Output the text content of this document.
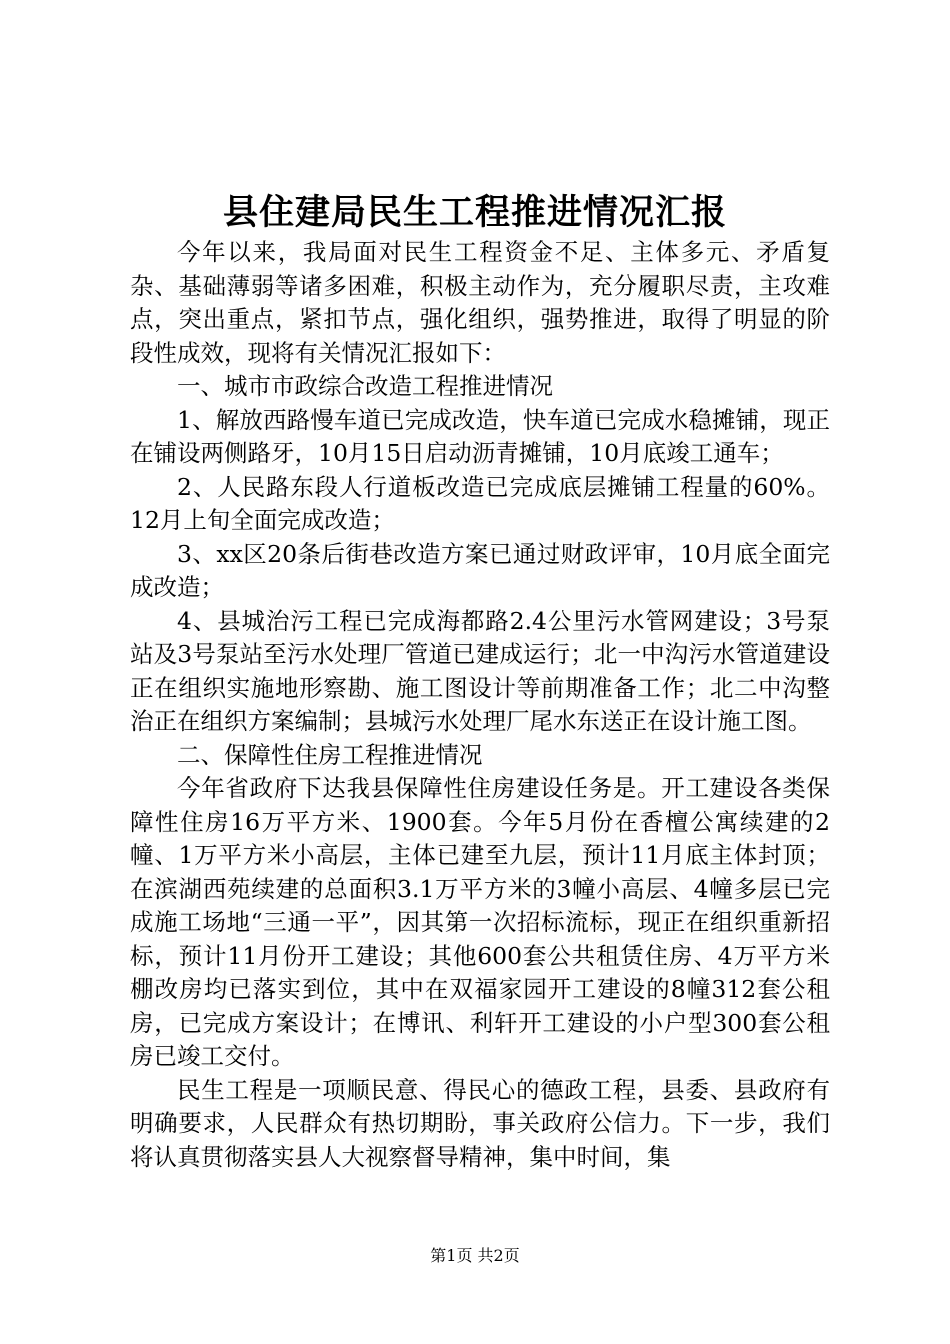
县住建局民生工程推进情况汇报

今年以来，我局面对民生工程资金不足、主体多元、矛盾复杂、基础薄弱等诸多困难，积极主动作为，充分履职尽责，主攻难点，突出重点，紧扣节点，强化组织，强势推进，取得了明显的阶段性成效，现将有关情况汇报如下：

一、城市市政综合改造工程推进情况

1、解放西路慢车道已完成改造，快车道已完成水稳摊铺，现正在铺设两侧路牙，10月15日启动沥青摊铺，10月底竣工通车；

2、人民路东段人行道板改造已完成底层摊铺工程量的60%。12月上旬全面完成改造；

3、xx区20条后街巷改造方案已通过财政评审，10月底全面完成改造；

4、县城治污工程已完成海都路2.4公里污水管网建设；3号泵站及3号泵站至污水处理厂管道已建成运行；北一中沟污水管道建设正在组织实施地形察勘、施工图设计等前期准备工作；北二中沟整治正在组织方案编制；县城污水处理厂尾水东送正在设计施工图。

二、保障性住房工程推进情况

今年省政府下达我县保障性住房建设任务是。开工建设各类保障性住房16万平方米、1900套。今年5月份在香檀公寓续建的2幢、1万平方米小高层，主体已建至九层，预计11月底主体封顶；在滨湖西苑续建的总面积3.1万平方米的3幢小高层、4幢多层已完成施工场地“三通一平”，因其第一次招标流标，现正在组织重新招标，预计11月份开工建设；其他600套公共租赁住房、4万平方米棚改房均已落实到位，其中在双福家园开工建设的8幢312套公租房，已完成方案设计；在博讯、利轩开工建设的小户型300套公租房已竣工交付。

民生工程是一项顺民意、得民心的德政工程，县委、县政府有明确要求，人民群众有热切期盼，事关政府公信力。下一步，我们将认真贯彻落实县人大视察督导精神，集中时间，集

第1页 共2页
